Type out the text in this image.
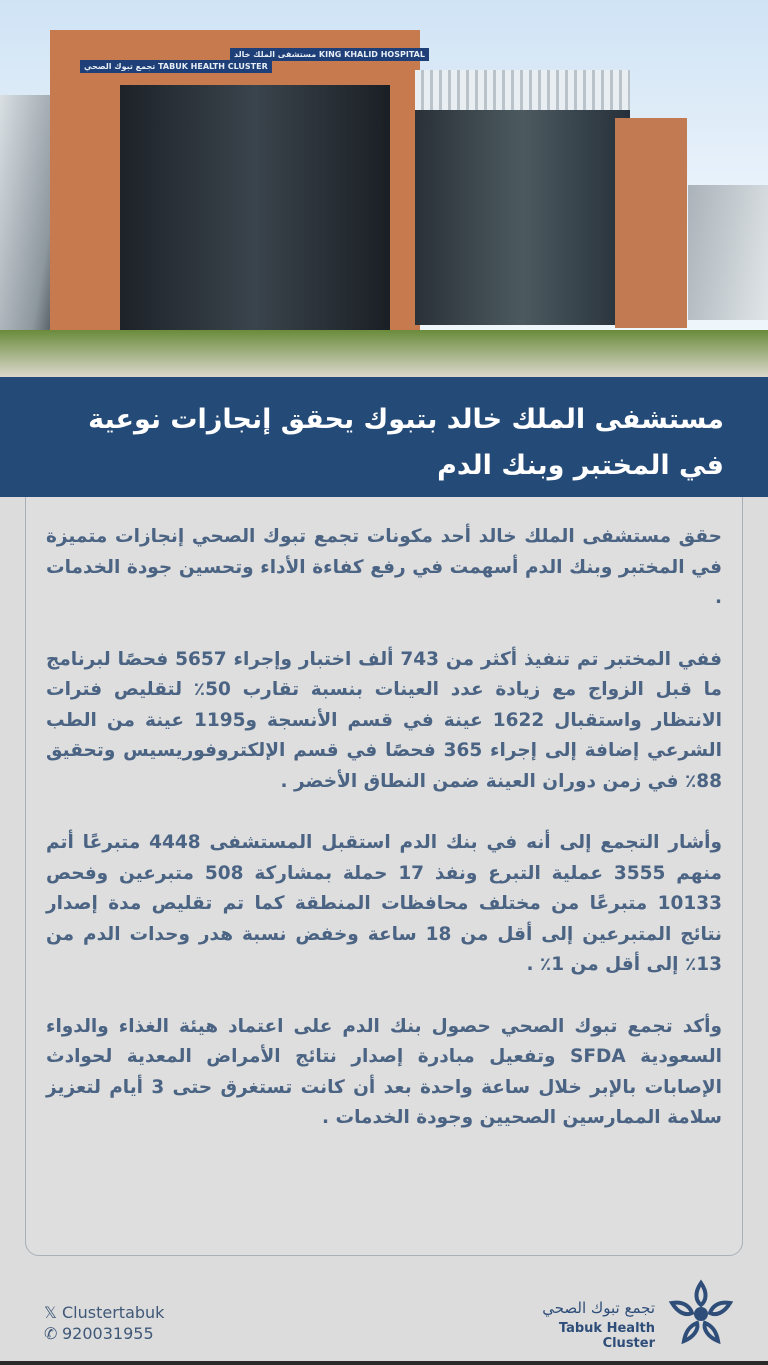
تجمع تبوك الصحي TABUK HEALTH CLUSTER
مستشفى الملك خالد KING KHALID HOSPITAL
مستشفى الملك خالد بتبوك يحقق إنجازات نوعية
في المختبر وبنك الدم

حقق مستشفى الملك خالد أحد مكونات تجمع تبوك الصحي إنجازات متميزة في المختبر وبنك الدم أسهمت في رفع كفاءة الأداء وتحسين جودة الخدمات .

ففي المختبر تم تنفيذ أكثر من 743 ألف اختبار وإجراء 5657 فحصًا لبرنامج ما قبل الزواج مع زيادة عدد العينات بنسبة تقارب 50٪ لتقليص فترات الانتظار واستقبال 1622 عينة في قسم الأنسجة و1195 عينة من الطب الشرعي إضافة إلى إجراء 365 فحصًا في قسم الإلكتروفوريسيس وتحقيق 88٪ في زمن دوران العينة ضمن النطاق الأخضر .

وأشار التجمع إلى أنه في بنك الدم استقبل المستشفى 4448 متبرعًا أتم منهم 3555 عملية التبرع ونفذ 17 حملة بمشاركة 508 متبرعين وفحص 10133 متبرعًا من مختلف محافظات المنطقة كما تم تقليص مدة إصدار نتائج المتبرعين إلى أقل من 18 ساعة وخفض نسبة هدر وحدات الدم من 13٪ إلى أقل من 1٪ .

وأكد تجمع تبوك الصحي حصول بنك الدم على اعتماد هيئة الغذاء والدواء السعودية SFDA وتفعيل مبادرة إصدار نتائج الأمراض المعدية لحوادث الإصابات بالإبر خلال ساعة واحدة بعد أن كانت تستغرق حتى 3 أيام لتعزيز سلامة الممارسين الصحيين وجودة الخدمات .

𝕏 Clustertabuk
✆ 920031955
تجمع تبوك الصحي
Tabuk Health Cluster
